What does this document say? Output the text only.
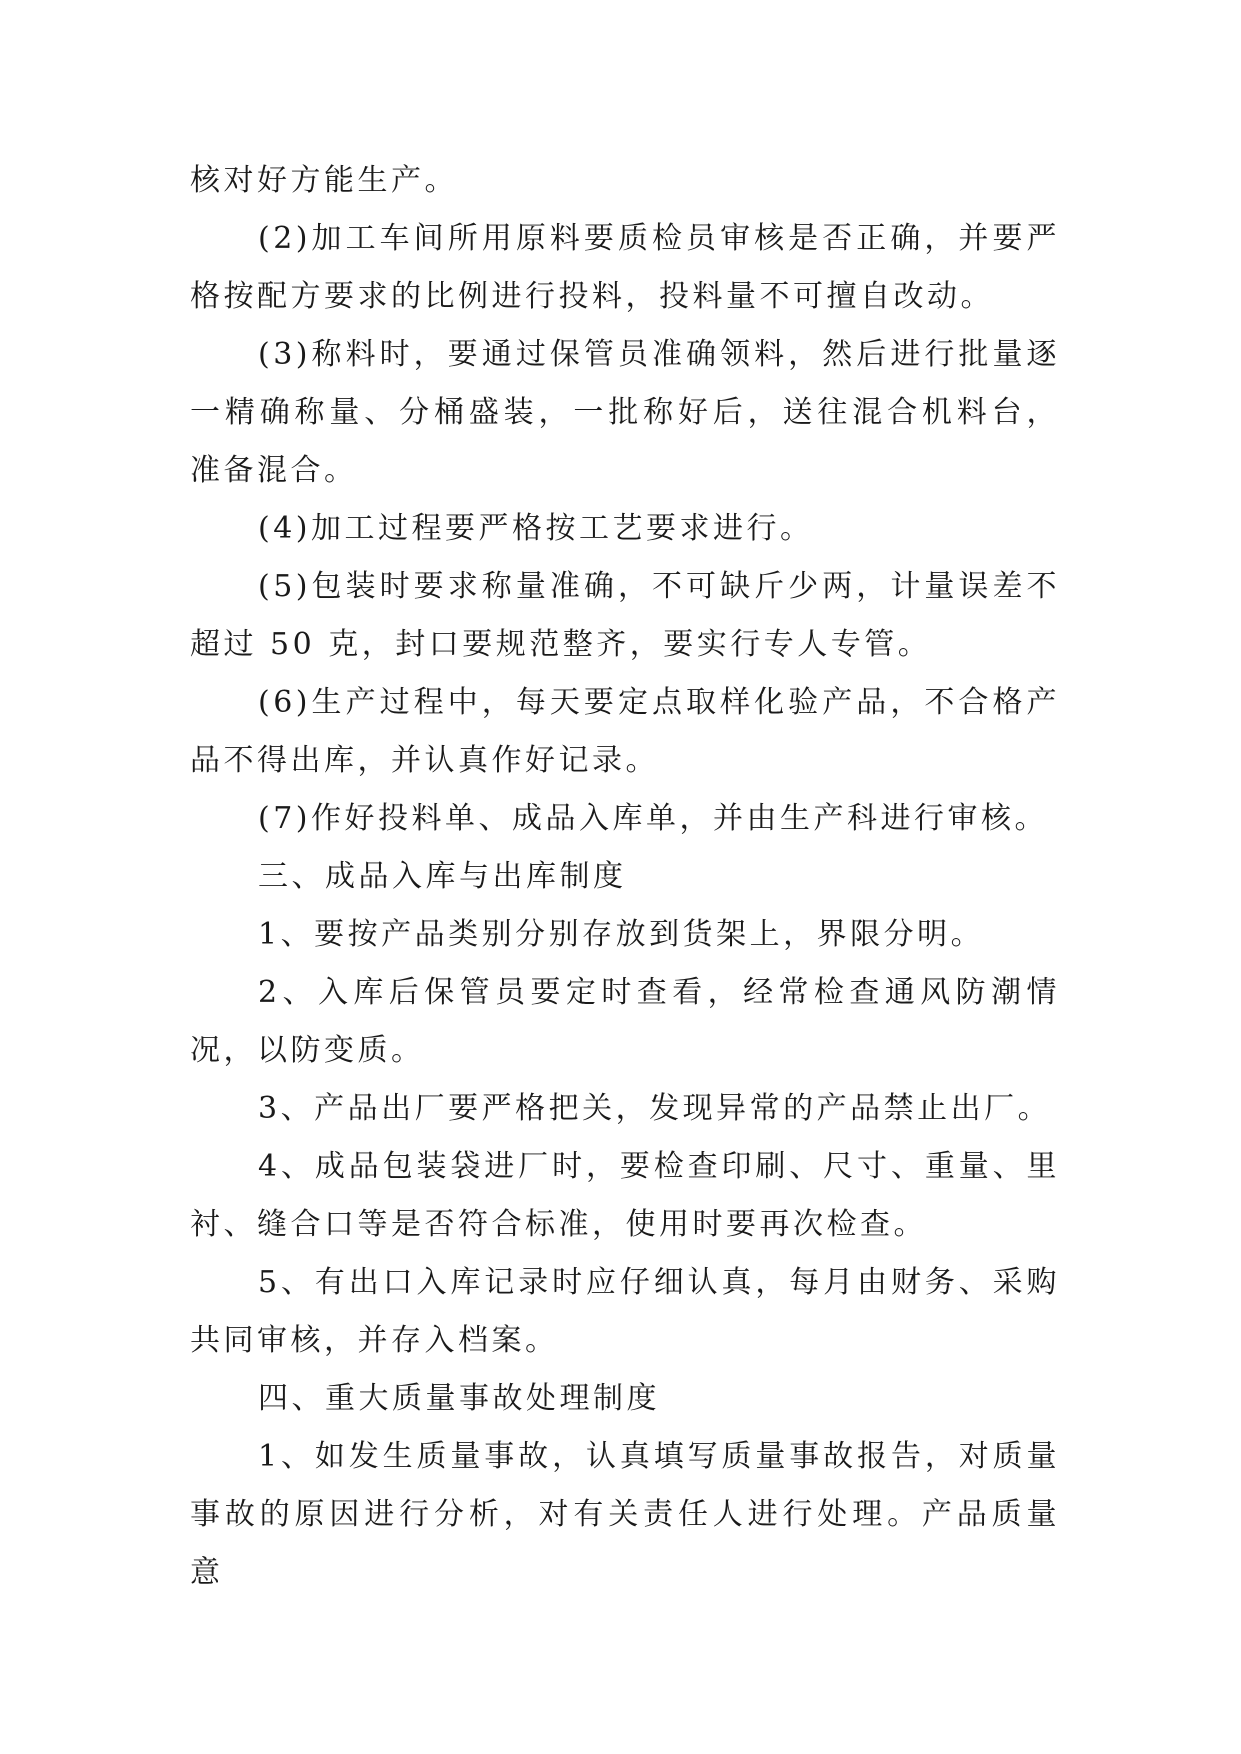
核对好方能生产。

(2)加工车间所用原料要质检员审核是否正确，并要严格按配方要求的比例进行投料，投料量不可擅自改动。

(3)称料时，要通过保管员准确领料，然后进行批量逐一精确称量、分桶盛装，一批称好后，送往混合机料台，准备混合。

(4)加工过程要严格按工艺要求进行。

(5)包装时要求称量准确，不可缺斤少两，计量误差不超过 50 克，封口要规范整齐，要实行专人专管。

(6)生产过程中，每天要定点取样化验产品，不合格产品不得出库，并认真作好记录。

(7)作好投料单、成品入库单，并由生产科进行审核。

三、成品入库与出库制度

1、要按产品类别分别存放到货架上，界限分明。

2、入库后保管员要定时查看，经常检查通风防潮情况，以防变质。

3、产品出厂要严格把关，发现异常的产品禁止出厂。

4、成品包装袋进厂时，要检查印刷、尺寸、重量、里衬、缝合口等是否符合标准，使用时要再次检查。

5、有出口入库记录时应仔细认真，每月由财务、采购共同审核，并存入档案。

四、重大质量事故处理制度

1、如发生质量事故，认真填写质量事故报告，对质量事故的原因进行分析，对有关责任人进行处理。产品质量意
